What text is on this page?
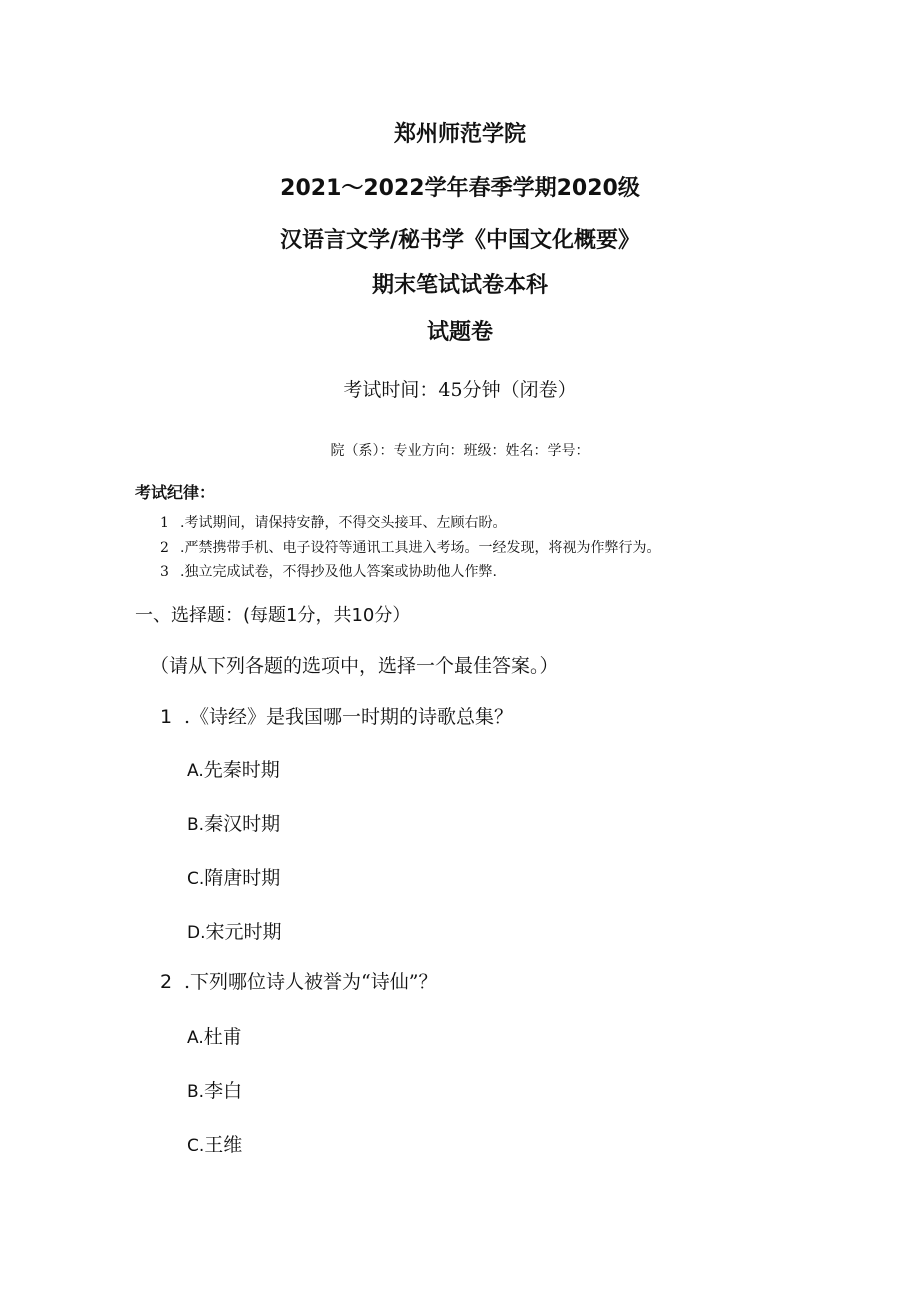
郑州师范学院
2021～2022学年春季学期2020级
汉语言文学/秘书学《中国文化概要》
期末笔试试卷本科
试题卷
考试时间：45分钟（闭卷）
院（系）：专业方向：班级：姓名：学号：
考试纪律：
1 .考试期间，请保持安静，不得交头接耳、左顾右盼。
2 .严禁携带手机、电子设符等通讯工具进入考场。一经发现，将视为作弊行为。
3 .独立完成试卷，不得抄及他人答案或协助他人作弊.
一、选择题：(每题1分，共10分）
（请从下列各题的选项中，选择一个最佳答案。）
1 .《诗经》是我国哪一时期的诗歌总集？
A.先秦时期
B.秦汉时期
C.隋唐时期
D.宋元时期
2 .下列哪位诗人被誉为“诗仙”？
A.杜甫
B.李白
C.王维
